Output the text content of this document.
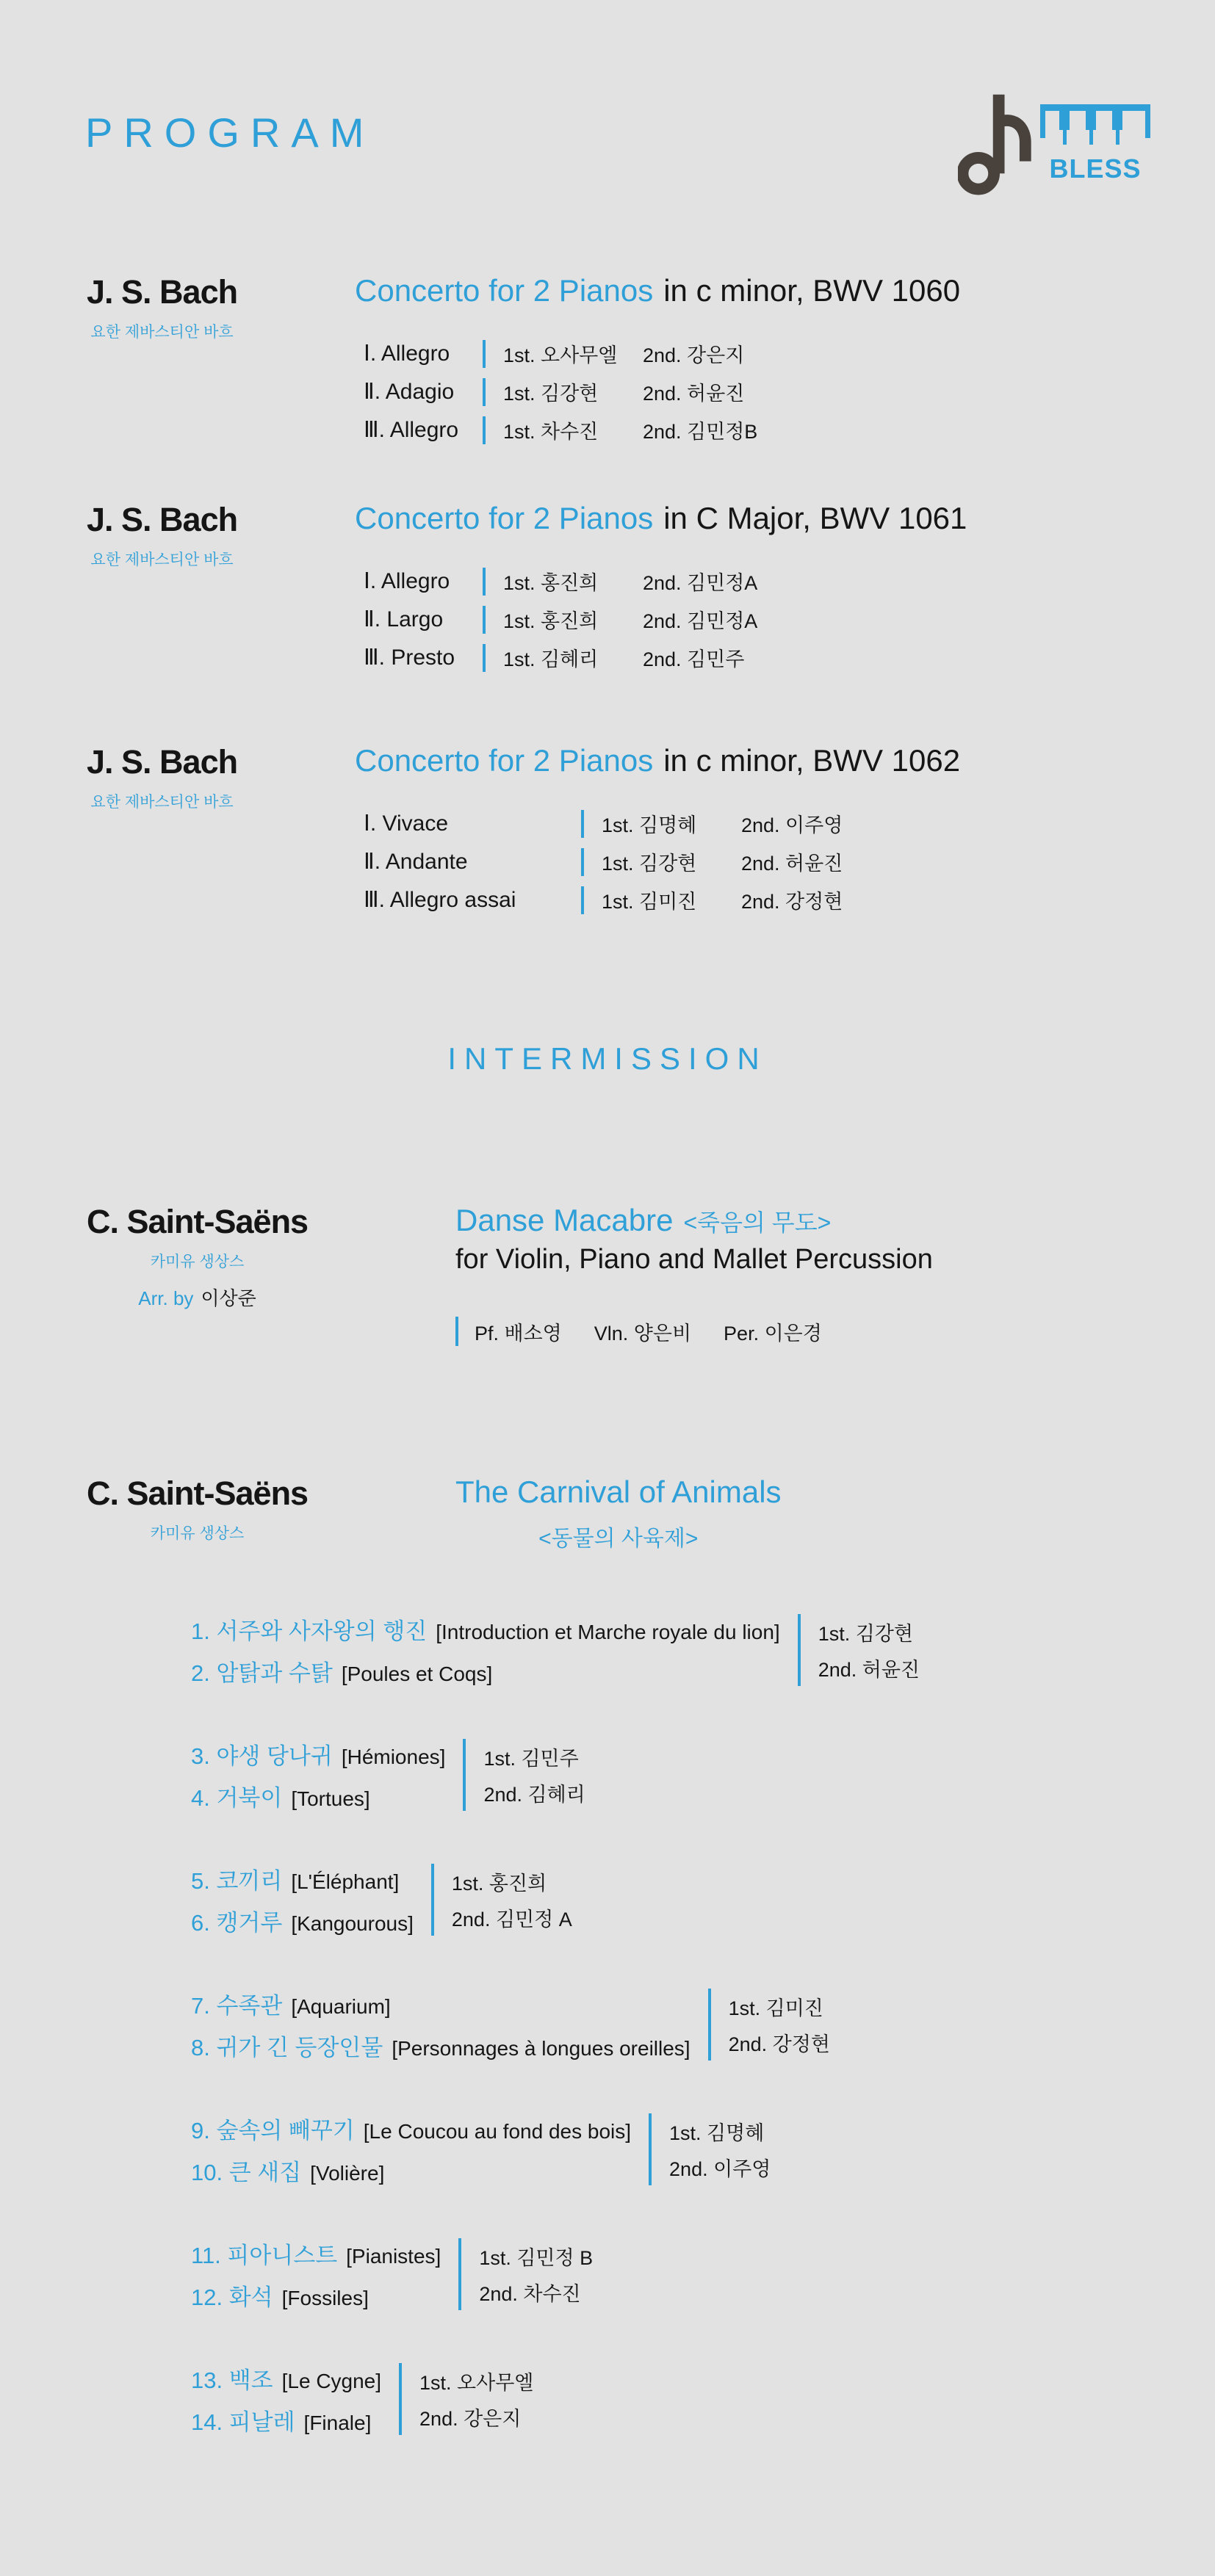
PROGRAM
BLESS
J. S. Bach
요한 제바스티안 바흐
Concerto for 2 Pianos in c minor, BWV 1060
Ⅰ. Allegro	1st. 오사무엘	2nd. 강은지
Ⅱ. Adagio	1st. 김강현	2nd. 허윤진
Ⅲ. Allegro	1st. 차수진	2nd. 김민정B
J. S. Bach
요한 제바스티안 바흐
Concerto for 2 Pianos in C Major, BWV 1061
Ⅰ. Allegro	1st. 홍진희	2nd. 김민정A
Ⅱ. Largo	1st. 홍진희	2nd. 김민정A
Ⅲ. Presto	1st. 김혜리	2nd. 김민주
J. S. Bach
요한 제바스티안 바흐
Concerto for 2 Pianos in c minor, BWV 1062
Ⅰ. Vivace	1st. 김명혜	2nd. 이주영
Ⅱ. Andante	1st. 김강현	2nd. 허윤진
Ⅲ. Allegro assai	1st. 김미진	2nd. 강정현
INTERMISSION
C. Saint-Saëns
카미유 생상스
Arr. by 이상준
Danse Macabre <죽음의 무도>
for Violin, Piano and Mallet Percussion
Pf. 배소영 Vln. 양은비 Per. 이은경
C. Saint-Saëns
카미유 생상스
The Carnival of Animals
<동물의 사육제>
1. 서주와 사자왕의 행진 [Introduction et Marche royale du lion]
2. 암탉과 수탉 [Poules et Coqs]
1st. 김강현
2nd. 허윤진
3. 야생 당나귀 [Hémiones]
4. 거북이 [Tortues]
1st. 김민주
2nd. 김혜리
5. 코끼리 [L'Éléphant]
6. 캥거루 [Kangourous]
1st. 홍진희
2nd. 김민정 A
7. 수족관 [Aquarium]
8. 귀가 긴 등장인물 [Personnages à longues oreilles]
1st. 김미진
2nd. 강정현
9. 숲속의 빼꾸기 [Le Coucou au fond des bois]
10. 큰 새집 [Volière]
1st. 김명혜
2nd. 이주영
11. 피아니스트 [Pianistes]
12. 화석 [Fossiles]
1st. 김민정 B
2nd. 차수진
13. 백조 [Le Cygne]
14. 피날레 [Finale]
1st. 오사무엘
2nd. 강은지
